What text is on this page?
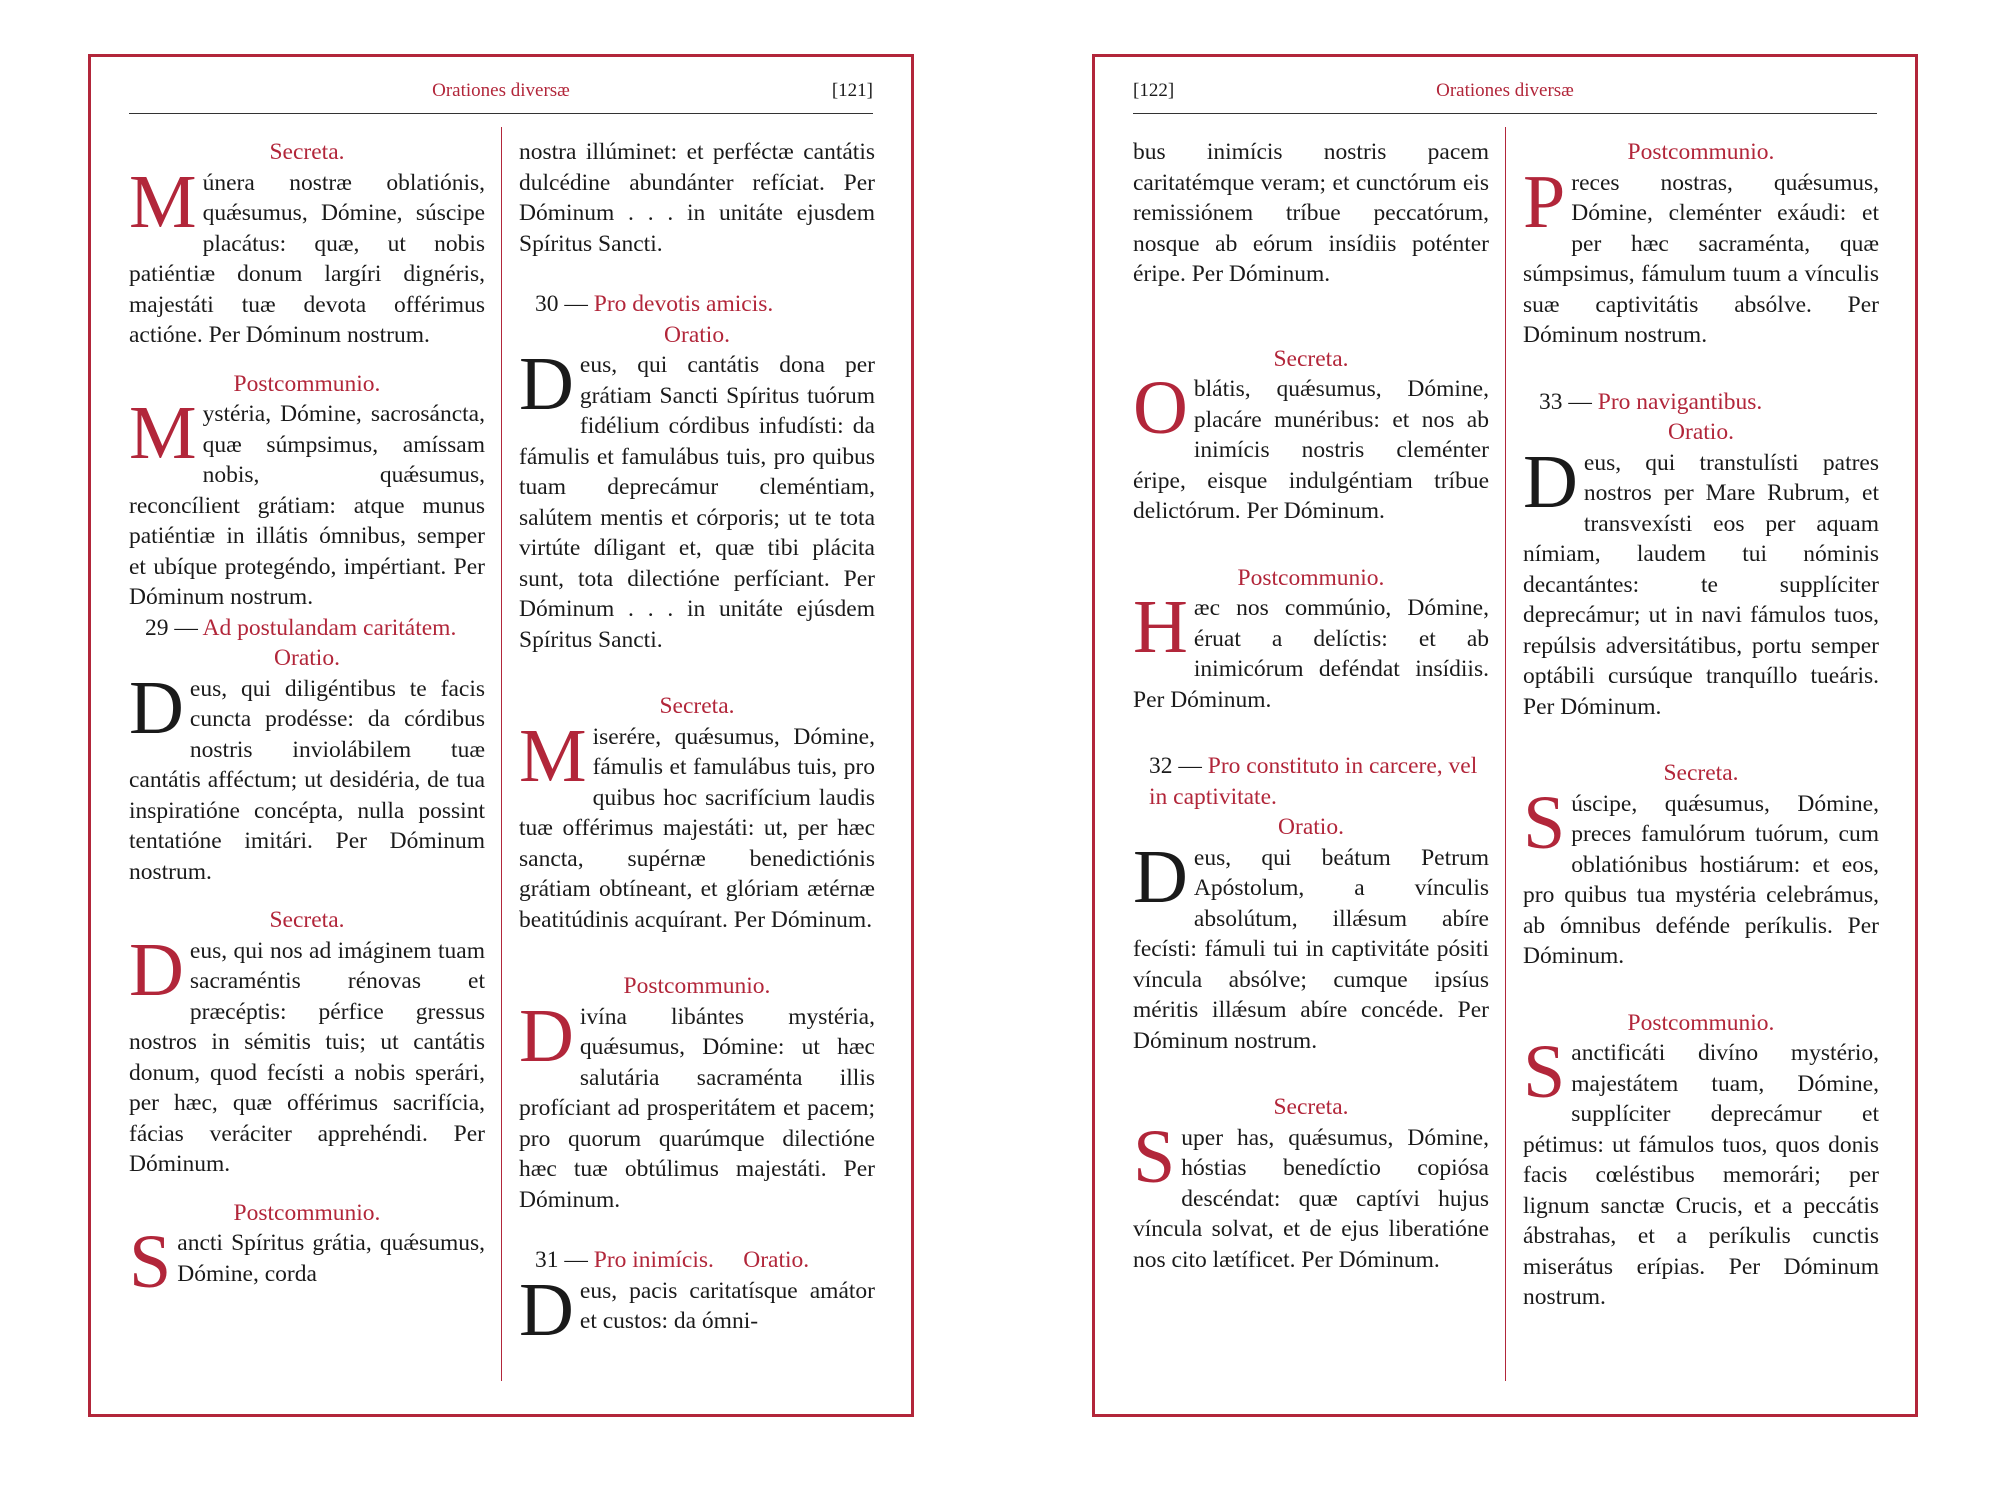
Orationes diversæ	[121]

Secreta.

Múnera nostræ oblatiónis, quǽsumus, Dómine, súscipe placátus: quæ, ut nobis patiéntiæ donum largíri dignéris, majestáti tuæ devota offérimus actióne. Per Dóminum nostrum.

Postcommunio.

Mystéria, Dómine, sacrosáncta, quæ súmpsimus, amíssam nobis, quǽsumus, reconcílient grátiam: atque munus patiéntiæ in illátis ómnibus, semper et ubíque protegéndo, impértiant. Per Dóminum nostrum.

29 — Ad postulandam caritátem.

Oratio.

Deus, qui diligéntibus te facis cuncta prodésse: da córdibus nostris inviolábilem tuæ cantátis afféctum; ut desidéria, de tua inspiratióne concépta, nulla possint tentatióne imitári. Per Dóminum nostrum.

Secreta.

Deus, qui nos ad imáginem tuam sacraméntis rénovas et præcéptis: pérfice gressus nostros in sémitis tuis; ut cantátis donum, quod fecísti a nobis sperári, per hæc, quæ offérimus sacrifícia, fácias veráciter apprehéndi. Per Dóminum.

Postcommunio.

Sancti Spíritus grátia, quǽsumus, Dómine, corda

nostra illúminet: et perféctæ cantátis dulcédine abundánter refíciat. Per Dóminum . . . in unitáte ejusdem Spíritus Sancti.

30 — Pro devotis amicis.

Oratio.

Deus, qui cantátis dona per grátiam Sancti Spíritus tuórum fidélium córdibus infudísti: da fámulis et famulábus tuis, pro quibus tuam deprecámur cleméntiam, salútem mentis et córporis; ut te tota virtúte díligant et, quæ tibi plácita sunt, tota dilectióne perfíciant. Per Dóminum . . . in unitáte ejúsdem Spíritus Sancti.

Secreta.

Miserére, quǽsumus, Dómine, fámulis et famulábus tuis, pro quibus hoc sacrifícium laudis tuæ offérimus majestáti: ut, per hæc sancta, supérnæ benedictiónis grátiam obtíneant, et glóriam ætérnæ beatitúdinis acquírant. Per Dóminum.

Postcommunio.

Divína libántes mystéria, quǽsumus, Dómine: ut hæc salutária sacraménta illis profíciant ad prosperitátem et pacem; pro quorum quarúmque dilectióne hæc tuæ obtúlimus majestáti. Per Dóminum.

31 — Pro inimícis. Oratio.

Deus, pacis caritatísque amátor et custos: da ómni-

[122]	Orationes diversæ

bus inimícis nostris pacem caritatémque veram; et cunctórum eis remissiónem tríbue peccatórum, nosque ab eórum insídiis poténter éripe. Per Dóminum.

Secreta.

Oblátis, quǽsumus, Dómine, placáre munéribus: et nos ab inimícis nostris cleménter éripe, eisque indulgéntiam tríbue delictórum. Per Dóminum.

Postcommunio.

Hæc nos commúnio, Dómine, éruat a delíctis: et ab inimicórum deféndat insídiis. Per Dóminum.

32 — Pro constituto in carcere, vel in captivitate.

Oratio.

Deus, qui beátum Petrum Apóstolum, a vínculis absolútum, illǽsum abíre fecísti: fámuli tui in captivitáte pósiti víncula absólve; cumque ipsíus méritis illǽsum abíre concéde. Per Dóminum nostrum.

Secreta.

Super has, quǽsumus, Dómine, hóstias benedíctio copiósa descéndat: quæ captívi hujus víncula solvat, et de ejus liberatióne nos cito lætíficet. Per Dóminum.

Postcommunio.

Preces nostras, quǽsumus, Dómine, cleménter exáudi: et per hæc sacraménta, quæ súmpsimus, fámulum tuum a vínculis suæ captivitátis absólve. Per Dóminum nostrum.

33 — Pro navigantibus.

Oratio.

Deus, qui transtulísti patres nostros per Mare Rubrum, et transvexísti eos per aquam nímiam, laudem tui nóminis decantántes: te supplíciter deprecámur; ut in navi fámulos tuos, repúlsis adversitátibus, portu semper optábili cursúque tranquíllo tueáris. Per Dóminum.

Secreta.

Súscipe, quǽsumus, Dómine, preces famulórum tuórum, cum oblatiónibus hostiárum: et eos, pro quibus tua mystéria celebrámus, ab ómnibus defénde períkulis. Per Dóminum.

Postcommunio.

Sanctificáti divíno mystério, majestátem tuam, Dómine, supplíciter deprecámur et pétimus: ut fámulos tuos, quos donis facis cœléstibus memorári; per lignum sanctæ Crucis, et a peccátis ábstrahas, et a períkulis cunctis miserátus erípias. Per Dóminum nostrum.
